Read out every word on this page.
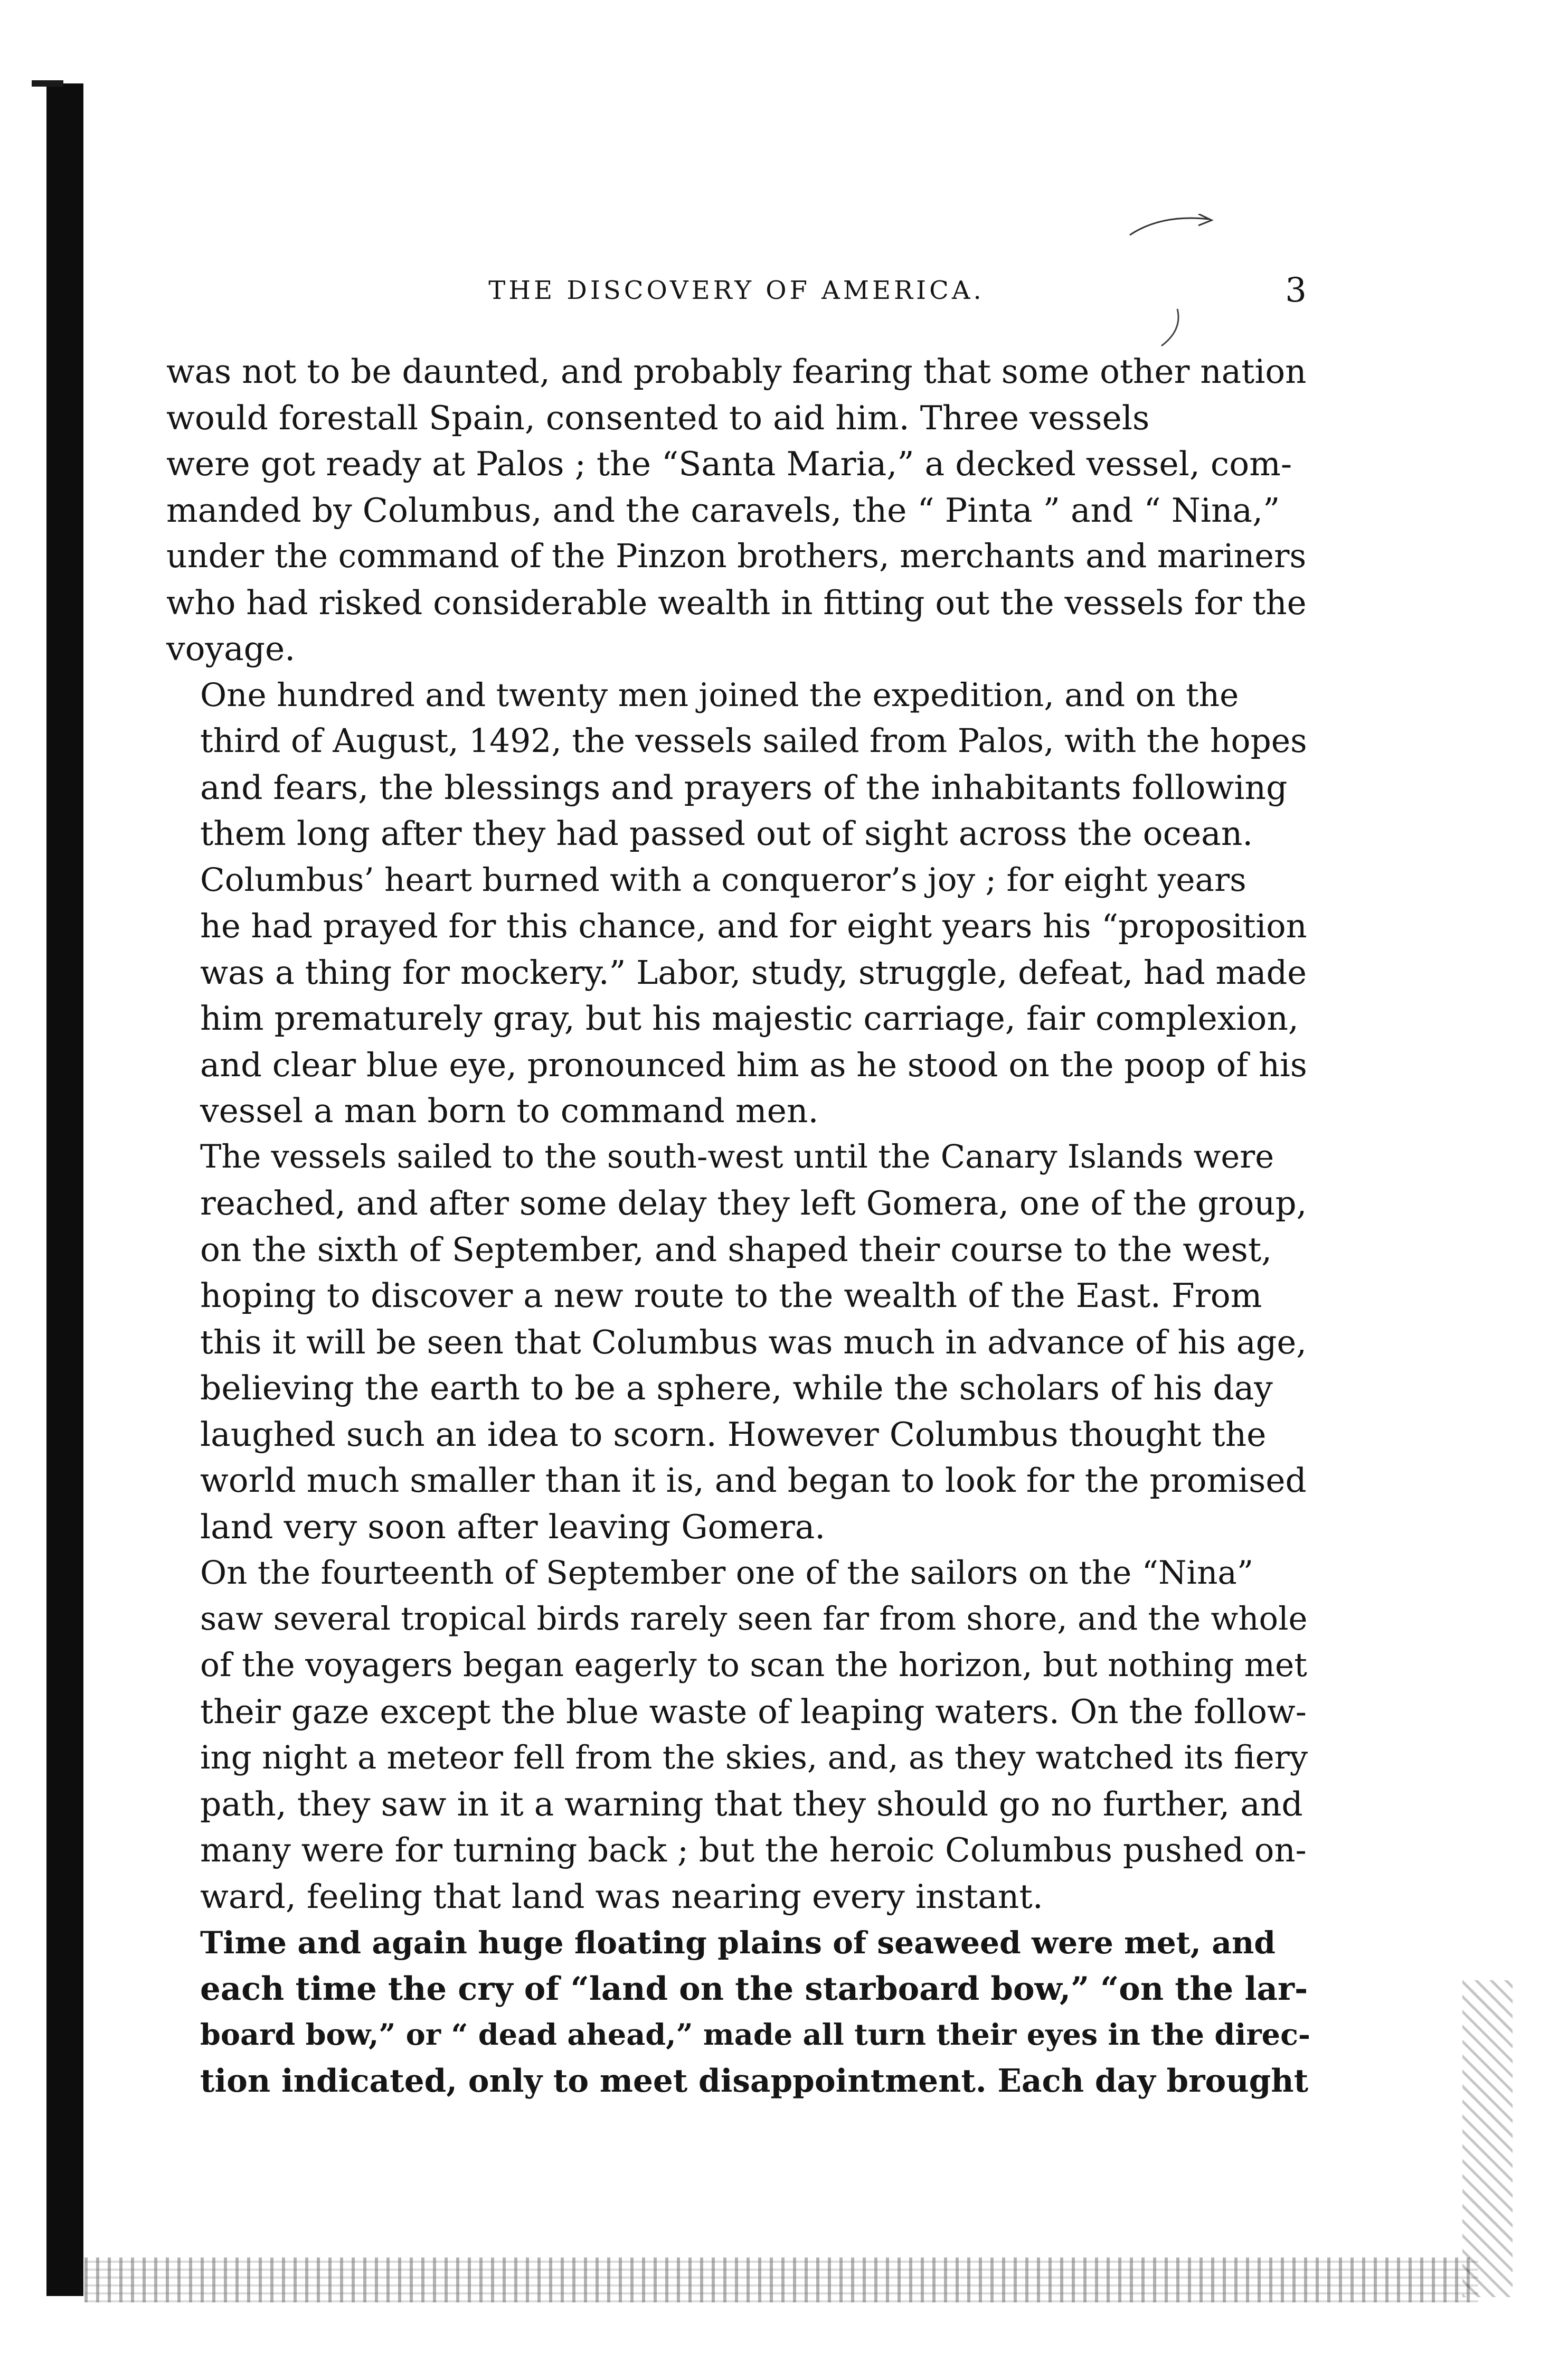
THE DISCOVERY OF AMERICA.	3

was not to be daunted, and probably fearing that some other nation
would forestall Spain, consented to aid him. Three vessels
were got ready at Palos ; the “Santa Maria,” a decked vessel, com-
manded by Columbus, and the caravels, the “ Pinta ” and “ Nina,”
under the command of the Pinzon brothers, merchants and mariners
who had risked considerable wealth in fitting out the vessels for the
voyage.

One hundred and twenty men joined the expedition, and on the
third of August, 1492, the vessels sailed from Palos, with the hopes
and fears, the blessings and prayers of the inhabitants following
them long after they had passed out of sight across the ocean.

Columbus’ heart burned with a conqueror’s joy ; for eight years
he had prayed for this chance, and for eight years his “proposition
was a thing for mockery.” Labor, study, struggle, defeat, had made
him prematurely gray, but his majestic carriage, fair complexion,
and clear blue eye, pronounced him as he stood on the poop of his
vessel a man born to command men.

The vessels sailed to the south-west until the Canary Islands were
reached, and after some delay they left Gomera, one of the group,
on the sixth of September, and shaped their course to the west,
hoping to discover a new route to the wealth of the East. From
this it will be seen that Columbus was much in advance of his age,
believing the earth to be a sphere, while the scholars of his day
laughed such an idea to scorn. However Columbus thought the
world much smaller than it is, and began to look for the promised
land very soon after leaving Gomera.

On the fourteenth of September one of the sailors on the “Nina”
saw several tropical birds rarely seen far from shore, and the whole
of the voyagers began eagerly to scan the horizon, but nothing met
their gaze except the blue waste of leaping waters. On the follow-
ing night a meteor fell from the skies, and, as they watched its fiery
path, they saw in it a warning that they should go no further, and
many were for turning back ; but the heroic Columbus pushed on-
ward, feeling that land was nearing every instant.

Time and again huge floating plains of seaweed were met, and
each time the cry of “land on the starboard bow,” “on the lar-
board bow,” or “ dead ahead,” made all turn their eyes in the direc-
tion indicated, only to meet disappointment. Each day brought
